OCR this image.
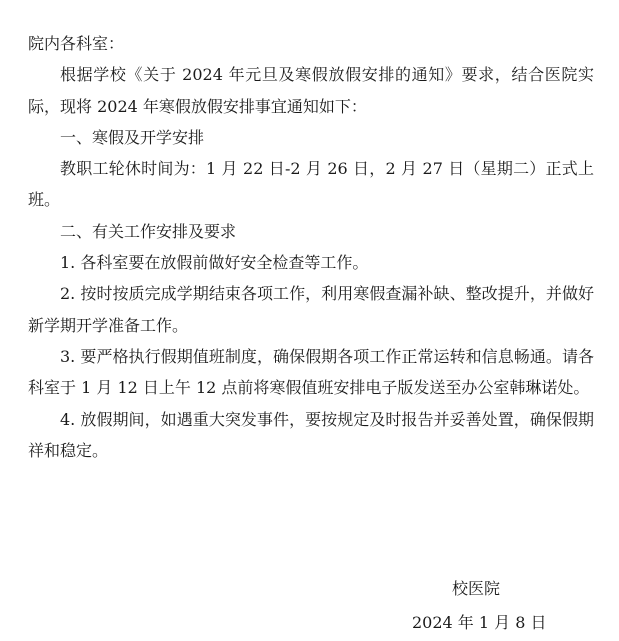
院内各科室：

根据学校《关于 2024 年元旦及寒假放假安排的通知》要求，结合医院实际，现将 2024 年寒假放假安排事宜通知如下：

一、寒假及开学安排

教职工轮休时间为：1 月 22 日-2 月 26 日，2 月 27 日（星期二）正式上班。

二、有关工作安排及要求

1. 各科室要在放假前做好安全检查等工作。

2. 按时按质完成学期结束各项工作，利用寒假查漏补缺、整改提升，并做好新学期开学准备工作。

3. 要严格执行假期值班制度，确保假期各项工作正常运转和信息畅通。请各科室于 1 月 12 日上午 12 点前将寒假值班安排电子版发送至办公室韩琳诺处。

4. 放假期间，如遇重大突发事件，要按规定及时报告并妥善处置，确保假期祥和稳定。

校医院
2024 年 1 月 8 日
